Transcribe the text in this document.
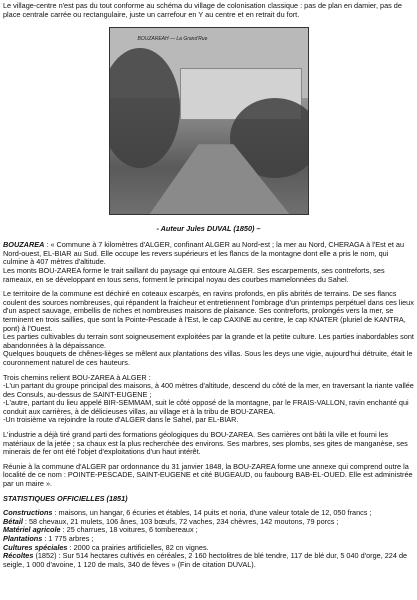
Le village-centre n'est pas du tout conforme au schéma du village de colonisation classique : pas de plan en damier, pas de place centrale carrée ou rectangulaire, juste un carrefour en Y au centre et en retrait du fort.

BOUZAREAH — La Grand'Rue
- Auteur Jules DUVAL (1850) –

BOUZAREA : « Commune à 7 kilomètres d'ALGER, confinant ALGER au Nord-est ; la mer au Nord, CHERAGA à l'Est et au Nord-ouest, EL-BIAR au Sud. Elle occupe les revers supérieurs et les flancs de la montagne dont elle a pris le nom, qui culmine à 407 mètres d'altitude.

Les monts BOU-ZAREA forme le trait saillant du paysage qui entoure ALGER. Ses escarpements, ses contreforts, ses rameaux, en se développant en tous sens, forment le principal noyau des courbes mamelonnées du Sahel.

Le territoire de la commune est déchiré en coteaux escarpés, en ravins profonds, en plis abrités de terrains. De ses flancs coulent des sources nombreuses, qui répandent la fraicheur et entretiennent l'ombrage d'un printemps perpétuel dans ces lieux d'un aspect sauvage, embellis de riches et nombreuses maisons de plaisance. Ses contreforts, prolongés vers la mer, se terminent en trois saillies, que sont la Pointe-Pescade à l'Est, le cap CAXINE au centre, le cap KNATER (pluriel de KANTRA, pont) à l'Ouest.

Les parties cultivables du terrain sont soigneusement exploitées par la grande et la petite culture. Les parties inabordables sont abandonnées à la dépaissance.

Quelques bouquets de chênes-lièges se mêlent aux plantations des villas. Sous les deys une vigie, aujourd'hui détruite, était le couronnement naturel de ces hauteurs.

Trois chemins relient BOU-ZAREA à ALGER :

-L'un partant du groupe principal des maisons, à 400 mètres d'altitude, descend du côté de la mer, en traversant la riante vallée des Consuls, au-dessus de SAINT-EUGENE ;

-L'autre, partant du lieu appelé BIR-SEMMAM, suit le côté opposé de la montagne, par le FRAIS-VALLON, ravin enchanté qui conduit aux carrières, à de délicieuses villas, au village et à la tribu de BOU-ZAREA.

-Un troisième va rejoindre la route d'ALGER dans le Sahel, par EL-BIAR.

L'industrie a déjà tiré grand parti des formations géologiques du BOU-ZAREA. Ses carrières ont bâti la ville et fourni les matériaux de la jetée ; sa chaux est la plus recherchée des environs. Ses marbres, ses plombs, ses gites de manganèse, ses minerais de fer ont été l'objet d'exploitations d'un haut intérêt.

Réunie à la commune d'ALGER par ordonnance du 31 janvier 1848, la BOU-ZAREA forme une annexe qui comprend outre la localité de ce nom : POINTE-PESCADE, SAINT-EUGENE et cité BUGEAUD, ou faubourg BAB-EL-OUED. Elle est administrée par un maire ».

STATISTIQUES OFFICIELLES (1851)

Constructions : maisons, un hangar, 6 écuries et étables, 14 puits et noria, d'une valeur totale de 12, 050 francs ;

Bétail : 58 chevaux, 21 mulets, 106 ânes, 103 bœufs, 72 vaches, 234 chèvres, 142 moutons, 79 porcs ;

Matériel agricole : 25 charrues, 18 voitures, 6 tombereaux ;

Plantations : 1 775 arbres ;

Cultures spéciales : 2000 ca prairies artificielles, 82 cn vignes.

Récoltes (1852) : Sur 514 hectares cultivés en céréales, 2 160 hectolitres de blé tendre, 117 de blé dur, 5 040 d'orge, 224 de seigle, 1 000 d'avoine, 1 120 de maïs, 340 de fèves » (Fin de citation DUVAL).
